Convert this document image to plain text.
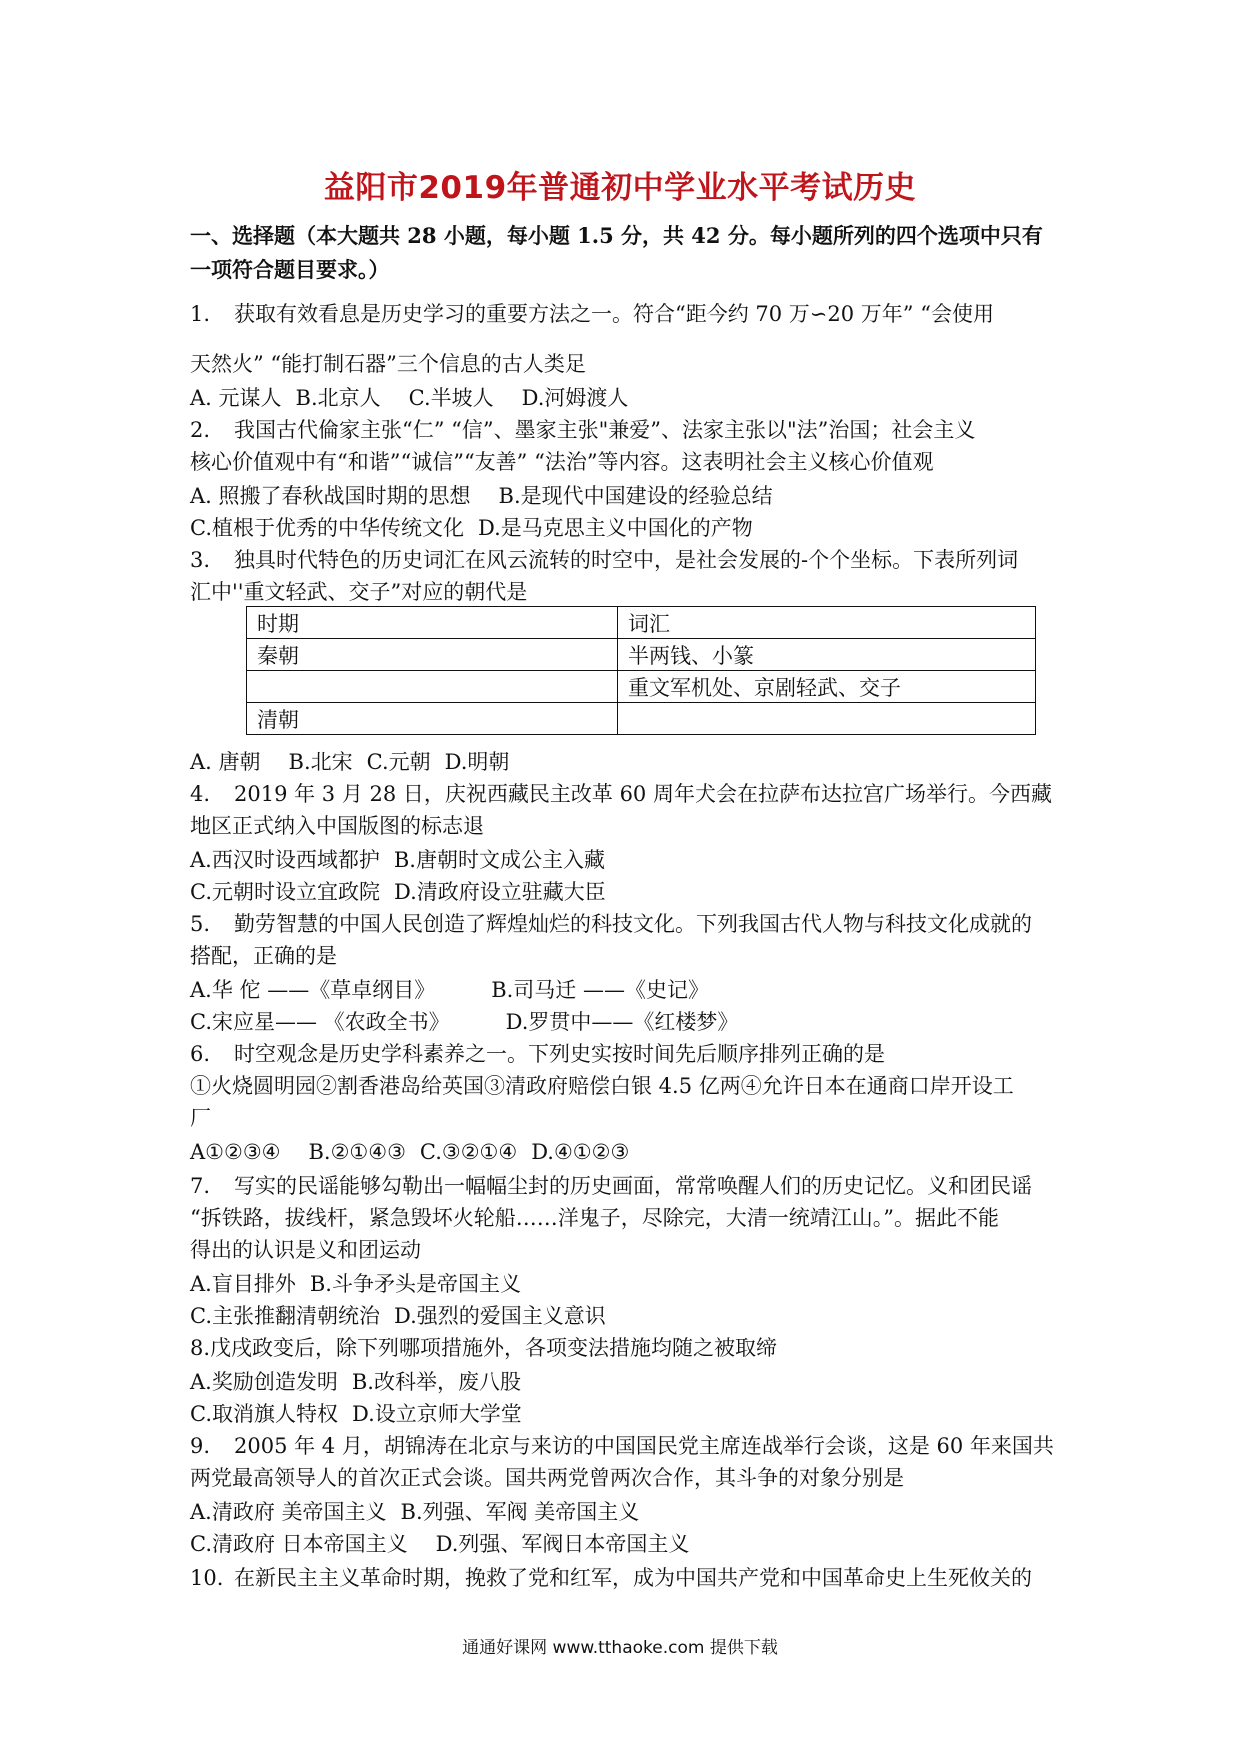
益阳市2019年普通初中学业水平考试历史
一、选择题（本大题共 28 小题，每小题 1.5 分，共 42 分。每小题所列的四个选项中只有
一项符合题目要求。）
1. 获取有效看息是历史学习的重要方法之一。符合“距今约 70 万∽20 万年” “会使用
天然火” “能打制石器”三个信息的古人类足
A. 元谋人 B.北京人 C.半坡人 D.河姆渡人
2. 我国古代倫家主张“仁” “信”、墨家主张"兼爱”、法家主张以"法”治国；社会主义
核心价值观中有“和谐”“诚信”“友善” “法治”等内容。这表明社会主义核心价值观
A. 照搬了春秋战国时期的思想 B.是现代中国建设的经验总结
C.植根于优秀的中华传统文化 D.是马克思主义中国化的产物
3. 独具时代特色的历史词汇在风云流转的时空中，是社会发展的-个个坐标。下表所列词
汇中''重文轻武、交子”对应的朝代是
时期	词汇
秦朝	半两钱、小篆
	重文军机处、京剧轻武、交子
清朝	
A. 唐朝 B.北宋 C.元朝 D.明朝
4. 2019 年 3 月 28 日，庆祝西藏民主改革 60 周年犬会在拉萨布达拉宫广场举行。今西藏
地区正式纳入中国版图的标志退
A.西汉时设西域都护 B.唐朝时文成公主入藏
C.元朝时设立宜政院 D.清政府设立驻藏大臣
5. 勤劳智慧的中国人民创造了辉煌灿烂的科技文化。下列我国古代人物与科技文化成就的
搭配，正确的是
A.华 佗 ——《草卓纲目》	B.司马迁 ——《史记》
C.宋应星—— 《农政全书》	D.罗贯中——《红楼梦》
6. 时空观念是历史学科素养之一。下列史实按时间先后顺序排列正确的是
①火烧圆明园②割香港岛给英国③清政府赔偿白银 4.5 亿两④允许日本在通商口岸开设工
厂
A①②③④ B.②①④③ C.③②①④ D.④①②③
7. 写实的民谣能够勾勒出一幅幅尘封的历史画面，常常唤醒人们的历史记忆。义和团民谣
“拆铁路，拔线杆，紧急毁坏火轮船……洋鬼子，尽除完，大清一统靖江山。”。据此不能
得出的认识是义和团运动
A.盲目排外 B.斗争矛头是帝国主义
C.主张推翻清朝统治 D.强烈的爱国主义意识
8.戊戌政变后，除下列哪项措施外，各项变法措施均随之被取缔
A.奖励创造发明 B.改科举，废八股
C.取消旗人特权 D.设立京师大学堂
9. 2005 年 4 月，胡锦涛在北京与来访的中国国民党主席连战举行会谈，这是 60 年来国共
两党最高领导人的首次正式会谈。国共两党曾两次合作，其斗争的对象分别是
A.清政府 美帝国主义 B.列强、军阀 美帝国主义
C.清政府 日本帝国主义 D.列强、军阀日本帝国主义
10. 在新民主主义革命时期，挽救了党和红军，成为中国共产党和中国革命史上生死攸关的
通通好课网 www.tthaoke.com 提供下载
